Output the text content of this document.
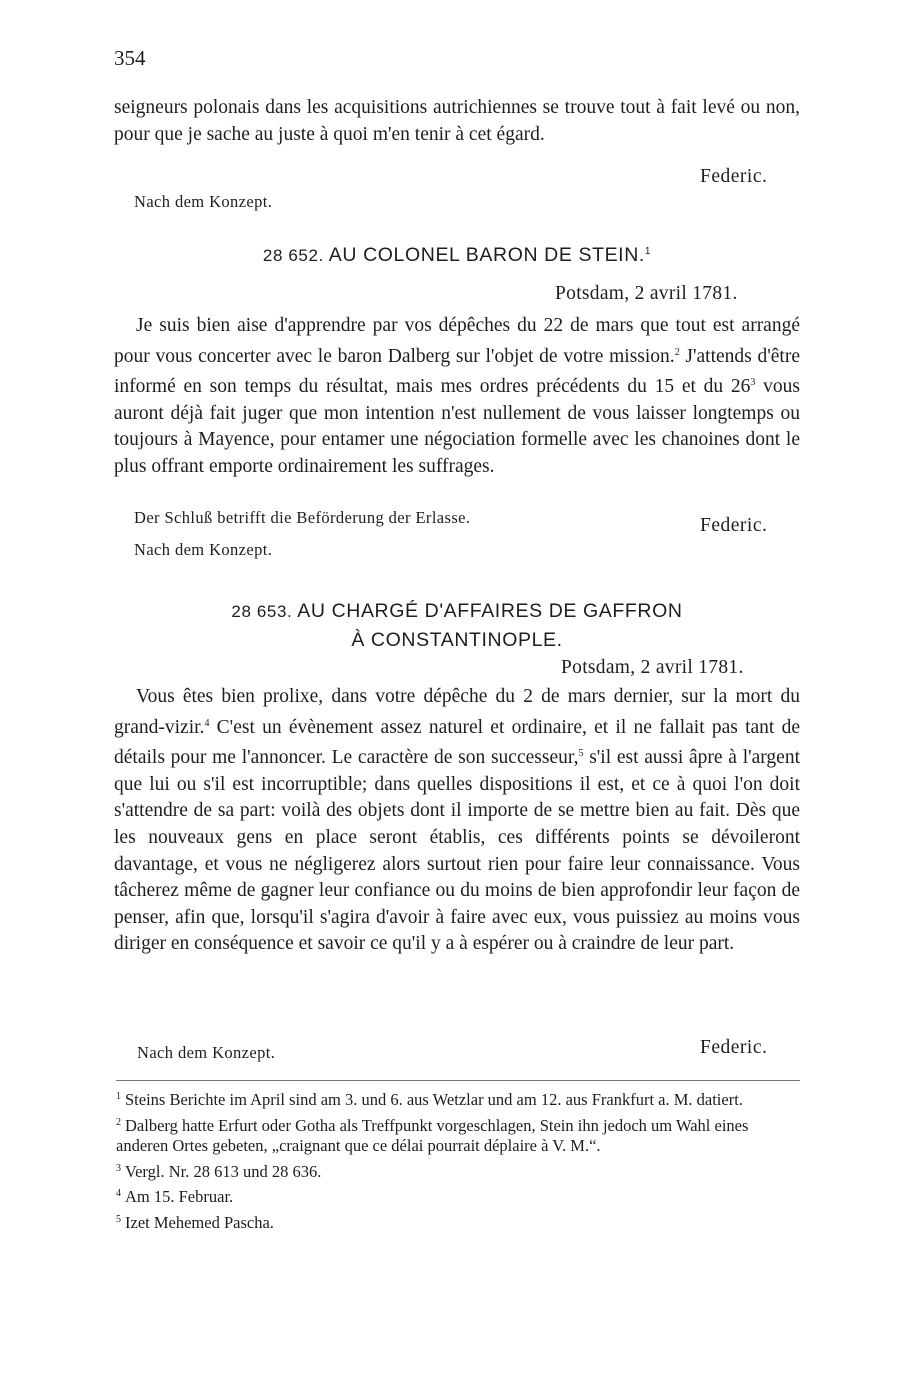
354

seigneurs polonais dans les acquisitions autrichiennes se trouve tout à fait levé ou non, pour que je sache au juste à quoi m'en tenir à cet égard.

Federic.
Nach dem Konzept.
28 652. AU COLONEL BARON DE STEIN.$^1$
Potsdam, 2 avril 1781.

Je suis bien aise d'apprendre par vos dépêches du 22 de mars que tout est arrangé pour vous concerter avec le baron Dalberg sur l'objet de votre mission.$^2$ J'attends d'être informé en son temps du résultat, mais mes ordres précédents du 15 et du 26$^3$ vous auront déjà fait juger que mon intention n'est nullement de vous laisser longtemps ou toujours à Mayence, pour entamer une négociation formelle avec les chanoines dont le plus offrant emporte ordinairement les suffrages.

Der Schluß betrifft die Beförderung der Erlasse.	Federic.
Nach dem Konzept.
28 653. AU CHARGÉ D'AFFAIRES DE GAFFRON
À CONSTANTINOPLE.
Potsdam, 2 avril 1781.

Vous êtes bien prolixe, dans votre dépêche du 2 de mars dernier, sur la mort du grand-vizir.$^4$ C'est un évènement assez naturel et ordinaire, et il ne fallait pas tant de détails pour me l'annoncer. Le caractère de son successeur,$^5$ s'il est aussi âpre à l'argent que lui ou s'il est incorruptible; dans quelles dispositions il est, et ce à quoi l'on doit s'attendre de sa part: voilà des objets dont il importe de se mettre bien au fait. Dès que les nouveaux gens en place seront établis, ces différents points se dévoileront davantage, et vous ne négligerez alors surtout rien pour faire leur connaissance. Vous tâcherez même de gagner leur confiance ou du moins de bien approfondir leur façon de penser, afin que, lorsqu'il s'agira d'avoir à faire avec eux, vous puissiez au moins vous diriger en conséquence et savoir ce qu'il y a à espérer ou à craindre de leur part.

Nach dem Konzept.	Federic.

$^1$ Steins Berichte im April sind am 3. und 6. aus Wetzlar und am 12. aus Frankfurt a. M. datiert.

$^2$ Dalberg hatte Erfurt oder Gotha als Treffpunkt vorgeschlagen, Stein ihn jedoch um Wahl eines anderen Ortes gebeten, „craignant que ce délai pourrait déplaire à V. M.“.

$^3$ Vergl. Nr. 28 613 und 28 636.

$^4$ Am 15. Februar.

$^5$ Izet Mehemed Pascha.
